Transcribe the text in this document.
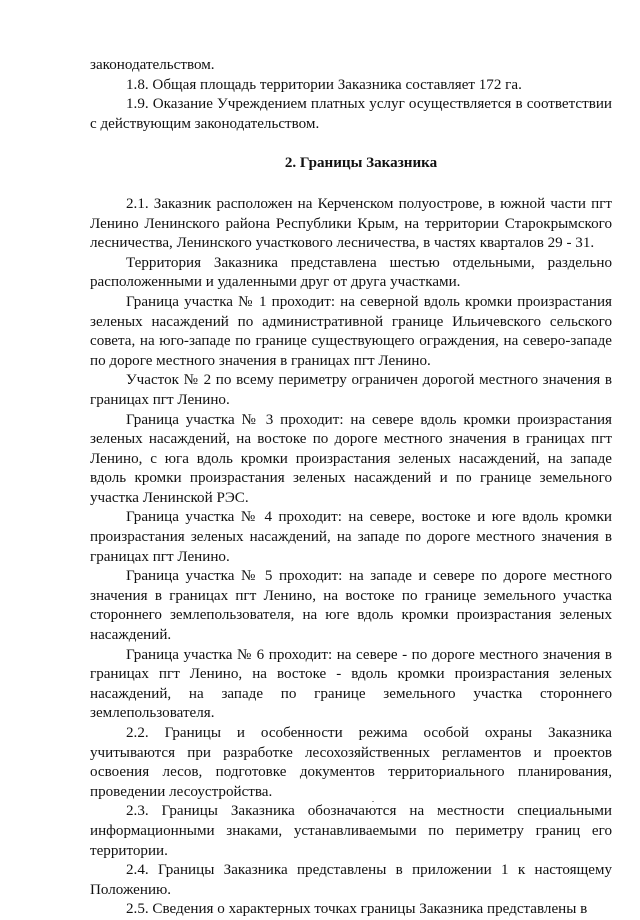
законодательством.

1.8. Общая площадь территории Заказника составляет 172 га.

1.9. Оказание Учреждением платных услуг осуществляется в соответствии с действующим законодательством.

2. Границы Заказника

2.1. Заказник расположен на Керченском полуострове, в южной части пгт Ленино Ленинского района Республики Крым, на территории Старокрымского лесничества, Ленинского участкового лесничества, в частях кварталов 29 - 31.

Территория Заказника представлена шестью отдельными, раздельно расположенными и удаленными друг от друга участками.

Граница участка № 1 проходит: на северной вдоль кромки произрастания зеленых насаждений по административной границе Ильичевского сельского совета, на юго-западе по границе существующего ограждения, на северо-западе по дороге местного значения в границах пгт Ленино.

Участок № 2 по всему периметру ограничен дорогой местного значения в границах пгт Ленино.

Граница участка № 3 проходит: на севере вдоль кромки произрастания зеленых насаждений, на востоке по дороге местного значения в границах пгт Ленино, с юга вдоль кромки произрастания зеленых насаждений, на западе вдоль кромки произрастания зеленых насаждений и по границе земельного участка Ленинской РЭС.

Граница участка № 4 проходит: на севере, востоке и юге вдоль кромки произрастания зеленых насаждений, на западе по дороге местного значения в границах пгт Ленино.

Граница участка № 5 проходит: на западе и севере по дороге местного значения в границах пгт Ленино, на востоке по границе земельного участка стороннего землепользователя, на юге вдоль кромки произрастания зеленых насаждений.

Граница участка № 6 проходит: на севере - по дороге местного значения в границах пгт Ленино, на востоке - вдоль кромки произрастания зеленых насаждений, на западе по границе земельного участка стороннего землепользователя.

2.2. Границы и особенности режима особой охраны Заказника учитываются при разработке лесохозяйственных регламентов и проектов освоения лесов, подготовке документов территориального планирования, проведении лесоустройства.

2.3. Границы Заказника обозначаются на местности специальными информационными знаками, устанавливаемыми по периметру границ его территории.

2.4. Границы Заказника представлены в приложении 1 к настоящему Положению.

2.5. Сведения о характерных точках границы Заказника представлены в
